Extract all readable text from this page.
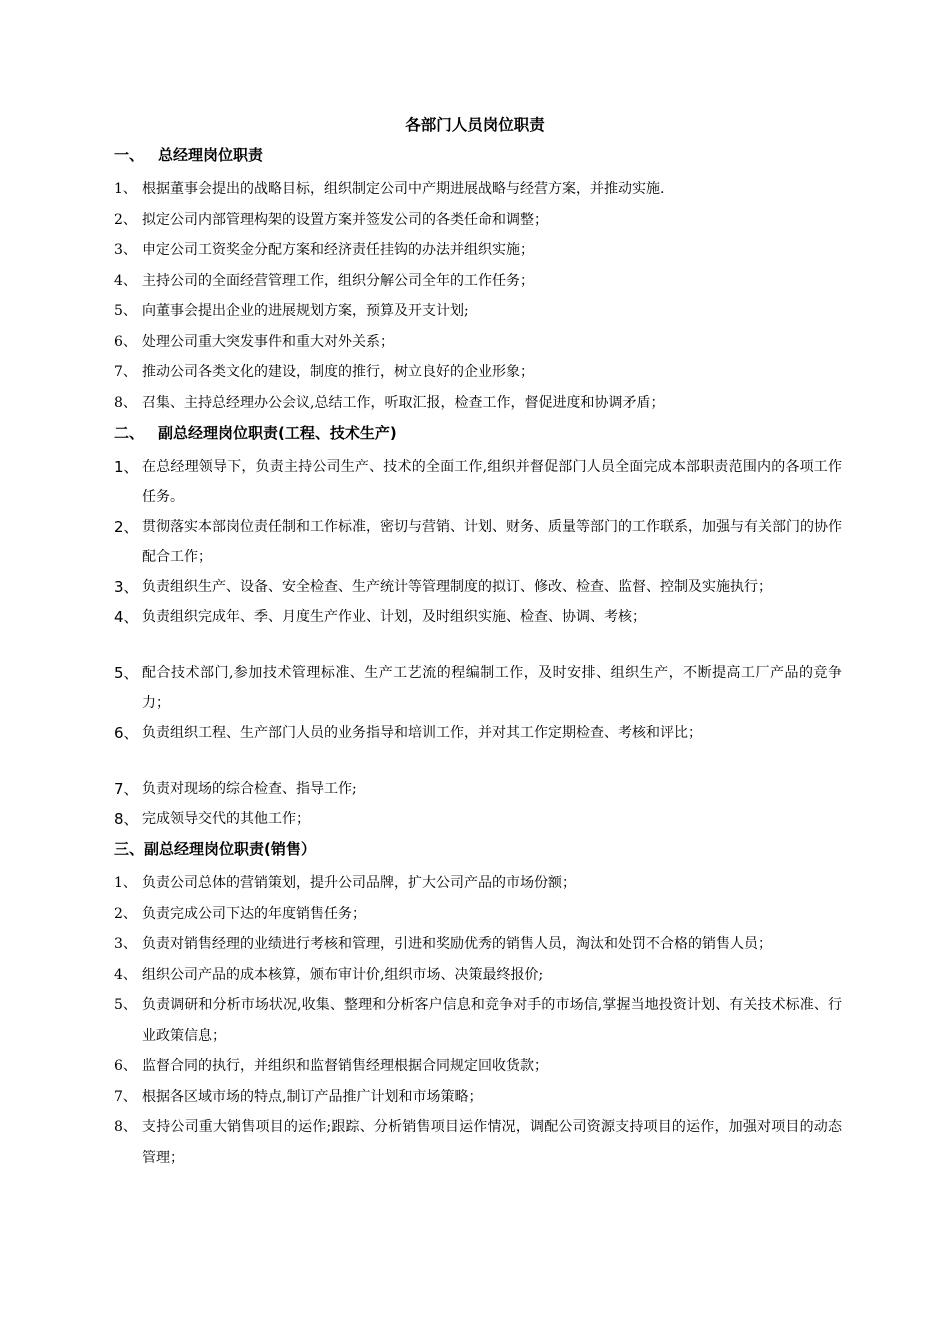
各部门人员岗位职责
一、 总经理岗位职责
1、 根据董事会提出的战略目标，组织制定公司中产期进展战略与经营方案，并推动实施.
2、 拟定公司内部管理构架的设置方案并签发公司的各类任命和调整；
3、 申定公司工资奖金分配方案和经济责任挂钩的办法并组织实施；
4、 主持公司的全面经营管理工作，组织分解公司全年的工作任务；
5、 向董事会提出企业的进展规划方案，预算及开支计划;
6、 处理公司重大突发事件和重大对外关系；
7、 推动公司各类文化的建设，制度的推行，树立良好的企业形象；
8、 召集、主持总经理办公会议,总结工作，听取汇报，检查工作，督促进度和协调矛盾；
二、 副总经理岗位职责(工程、技术生产)
1、 在总经理领导下，负责主持公司生产、技术的全面工作,组织并督促部门人员全面完成本部职责范围内的各项工作任务。
2、 贯彻落实本部岗位责任制和工作标准，密切与营销、计划、财务、质量等部门的工作联系，加强与有关部门的协作配合工作；
3、 负责组织生产、设备、安全检查、生产统计等管理制度的拟订、修改、检查、监督、控制及实施执行；
4、 负责组织完成年、季、月度生产作业、计划，及时组织实施、检查、协调、考核；
5、 配合技术部门,参加技术管理标准、生产工艺流的程编制工作，及时安排、组织生产，不断提高工厂产品的竞争力；
6、 负责组织工程、生产部门人员的业务指导和培训工作，并对其工作定期检查、考核和评比；
7、 负责对现场的综合检查、指导工作;
8、 完成领导交代的其他工作；
三、副总经理岗位职责(销售）
1、 负责公司总体的营销策划，提升公司品牌，扩大公司产品的市场份额；
2、 负责完成公司下达的年度销售任务；
3、 负责对销售经理的业绩进行考核和管理，引进和奖励优秀的销售人员，淘汰和处罚不合格的销售人员；
4、 组织公司产品的成本核算，颁布审计价,组织市场、决策最终报价;
5、 负责调研和分析市场状况,收集、整理和分析客户信息和竞争对手的市场信,掌握当地投资计划、有关技术标准、行业政策信息；
6、 监督合同的执行，并组织和监督销售经理根据合同规定回收货款；
7、 根据各区域市场的特点,制订产品推广计划和市场策略；
8、 支持公司重大销售项目的运作;跟踪、分析销售项目运作情况，调配公司资源支持项目的运作，加强对项目的动态管理；
